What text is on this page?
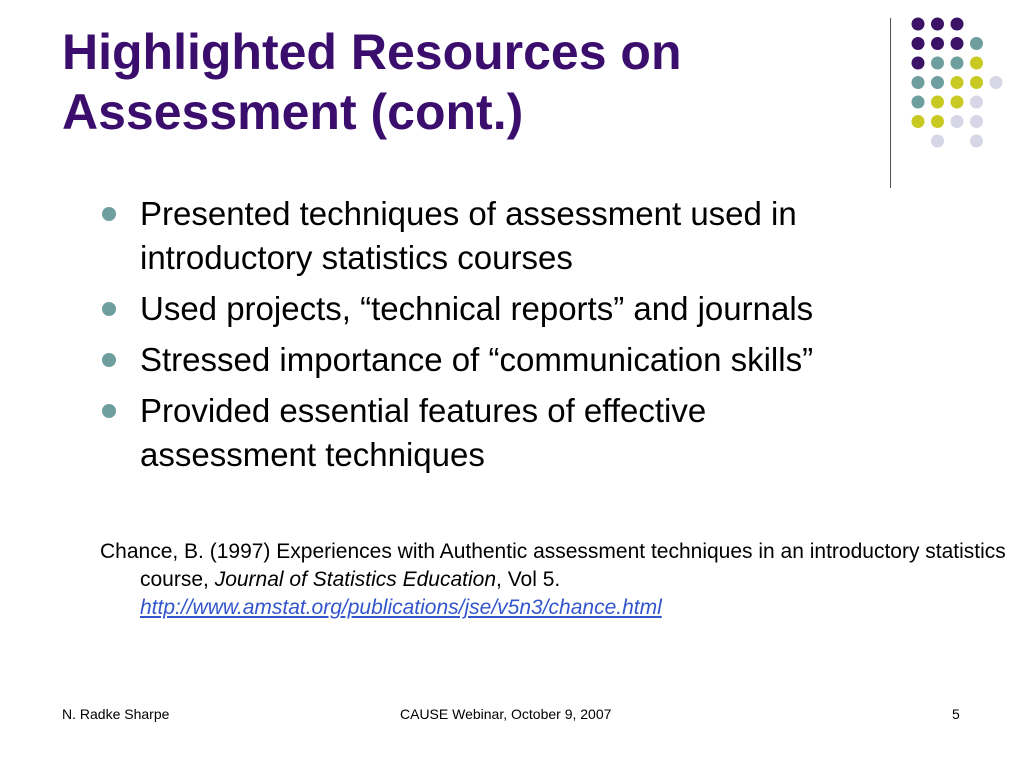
Highlighted Resources on
Assessment (cont.)
Presented techniques of assessment used in
introductory statistics courses
Used projects, “technical reports” and journals
Stressed importance of “communication skills”
Provided essential features of effective
assessment techniques
Chance, B. (1997) Experiences with Authentic assessment techniques in an introductory statistics course, Journal of Statistics Education, Vol 5.
http://www.amstat.org/publications/jse/v5n3/chance.html
N. Radke Sharpe	CAUSE Webinar, October 9, 2007	5
